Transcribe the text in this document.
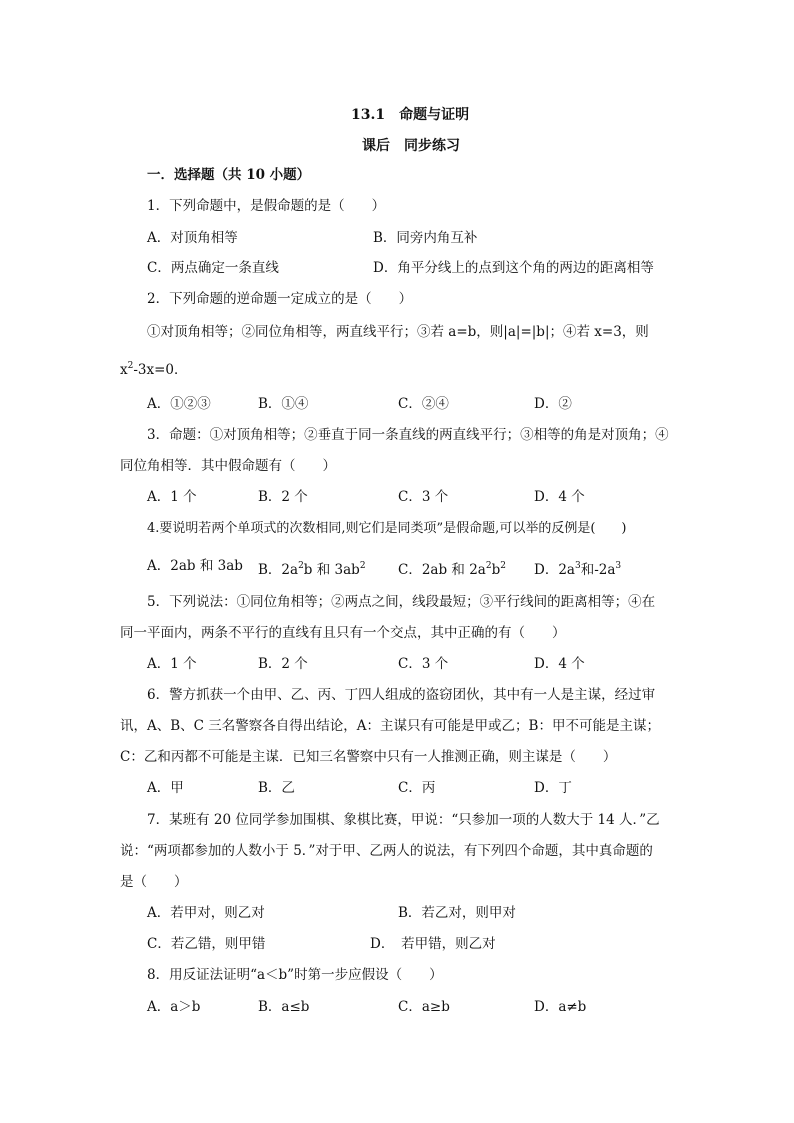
13.1　命题与证明
课后　同步练习
一．选择题（共 10 小题）
1．下列命题中，是假命题的是（　　）
A．对顶角相等	B．同旁内角互补
C．两点确定一条直线	D．角平分线上的点到这个角的两边的距离相等
2．下列命题的逆命题一定成立的是（　　）
①对顶角相等；②同位角相等，两直线平行；③若 a=b，则|a|=|b|；④若 x=3，则
$x^2-3x=0$．
A．①②③	B．①④	C．②④	D．②
3．命题：①对顶角相等；②垂直于同一条直线的两直线平行；③相等的角是对顶角；④
同位角相等．其中假命题有（　　）
A．1 个	B．2 个	C．3 个	D．4 个
4.要说明若两个单项式的次数相同,则它们是同类项”是假命题,可以举的反例是(　　)
A．2ab 和 3ab B．$2a^2b$ 和 $3ab^2$ C．2ab 和 $2a^2b^2$ D．$2a^3$和$-2a^3$
5．下列说法：①同位角相等；②两点之间，线段最短；③平行线间的距离相等；④在
同一平面内，两条不平行的直线有且只有一个交点，其中正确的有（　　）
A．1 个	B．2 个	C．3 个	D．4 个
6．警方抓获一个由甲、乙、丙、丁四人组成的盗窃团伙，其中有一人是主谋，经过审
讯，A、B、C 三名警察各自得出结论，A：主谋只有可能是甲或乙；B：甲不可能是主谋；
C：乙和丙都不可能是主谋．已知三名警察中只有一人推测正确，则主谋是（　　）
A．甲	B．乙	C．丙	D．丁
7．某班有 20 位同学参加围棋、象棋比赛，甲说：“只参加一项的人数大于 14 人．”乙
说：“两项都参加的人数小于 5．”对于甲、乙两人的说法，有下列四个命题，其中真命题的
是（　　）
A．若甲对，则乙对	B．若乙对，则甲对
C．若乙错，则甲错	D．　若甲错，则乙对
8．用反证法证明“a＜b”时第一步应假设（　　）
A．a＞b	B．a≤b	C．a≥b	D．a≠b
